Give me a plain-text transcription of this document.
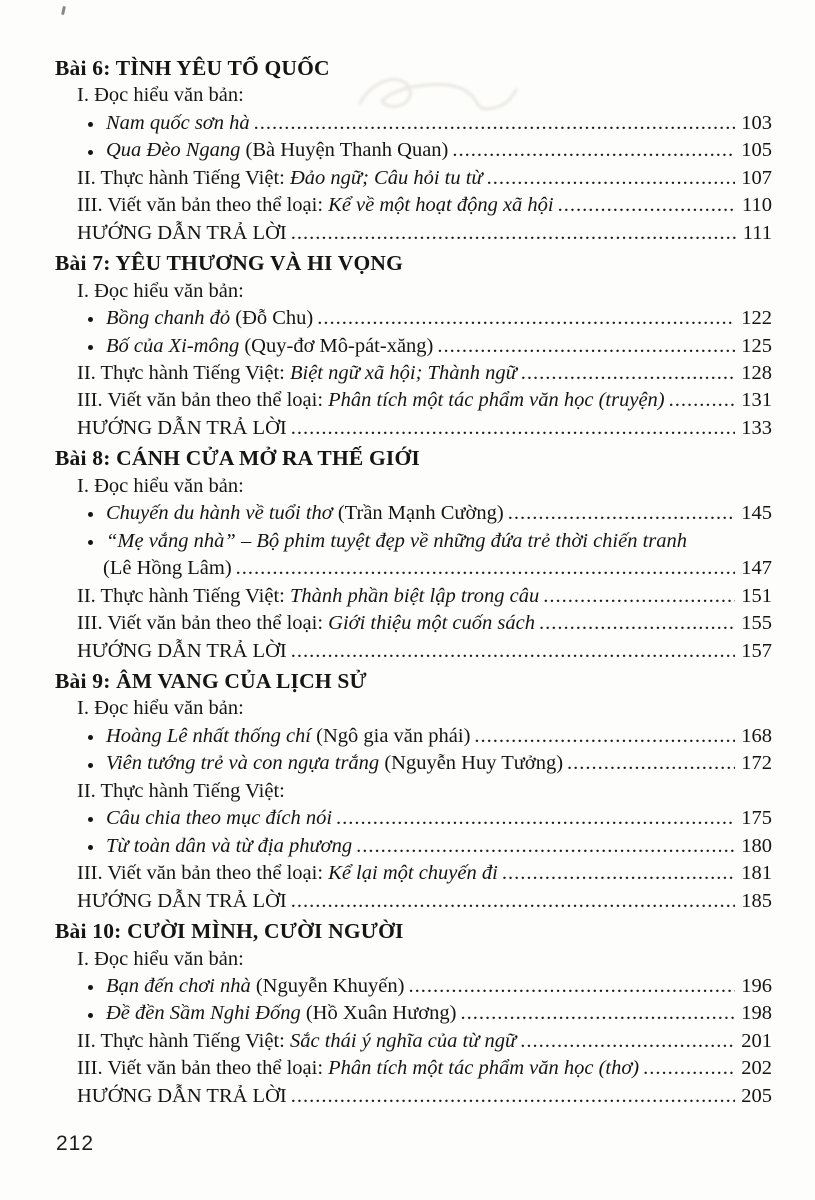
Bài 6: TÌNH YÊU TỔ QUỐC
I. Đọc hiểu văn bản:
Nam quốc sơn hà .....	103
Qua Đèo Ngang (Bà Huyện Thanh Quan) .....	105
II. Thực hành Tiếng Việt: Đảo ngữ; Câu hỏi tu từ .....	107
III. Viết văn bản theo thể loại: Kể về một hoạt động xã hội .....	110
HƯỚNG DẪN TRẢ LỜI .....	111
Bài 7: YÊU THƯƠNG VÀ HI VỌNG
I. Đọc hiểu văn bản:
Bồng chanh đỏ (Đỗ Chu) .....	122
Bố của Xi-mông (Quy-đơ Mô-pát-xăng) .....	125
II. Thực hành Tiếng Việt: Biệt ngữ xã hội; Thành ngữ .....	128
III. Viết văn bản theo thể loại: Phân tích một tác phẩm văn học (truyện) .....	131
HƯỚNG DẪN TRẢ LỜI .....	133
Bài 8: CÁNH CỬA MỞ RA THẾ GIỚI
I. Đọc hiểu văn bản:
Chuyến du hành về tuổi thơ (Trần Mạnh Cường) .....	145
“Mẹ vắng nhà” – Bộ phim tuyệt đẹp về những đứa trẻ thời chiến tranh
(Lê Hồng Lâm) .....	147
II. Thực hành Tiếng Việt: Thành phần biệt lập trong câu .....	151
III. Viết văn bản theo thể loại: Giới thiệu một cuốn sách .....	155
HƯỚNG DẪN TRẢ LỜI .....	157
Bài 9: ÂM VANG CỦA LỊCH SỬ
I. Đọc hiểu văn bản:
Hoàng Lê nhất thống chí (Ngô gia văn phái) .....	168
Viên tướng trẻ và con ngựa trắng (Nguyễn Huy Tưởng) .....	172
II. Thực hành Tiếng Việt:
Câu chia theo mục đích nói .....	175
Từ toàn dân và từ địa phương .....	180
III. Viết văn bản theo thể loại: Kể lại một chuyến đi .....	181
HƯỚNG DẪN TRẢ LỜI .....	185
Bài 10: CƯỜI MÌNH, CƯỜI NGƯỜI
I. Đọc hiểu văn bản:
Bạn đến chơi nhà (Nguyễn Khuyến) .....	196
Đề đền Sầm Nghi Đống (Hồ Xuân Hương) .....	198
II. Thực hành Tiếng Việt: Sắc thái ý nghĩa của từ ngữ .....	201
III. Viết văn bản theo thể loại: Phân tích một tác phẩm văn học (thơ) .....	202
HƯỚNG DẪN TRẢ LỜI .....	205
212
